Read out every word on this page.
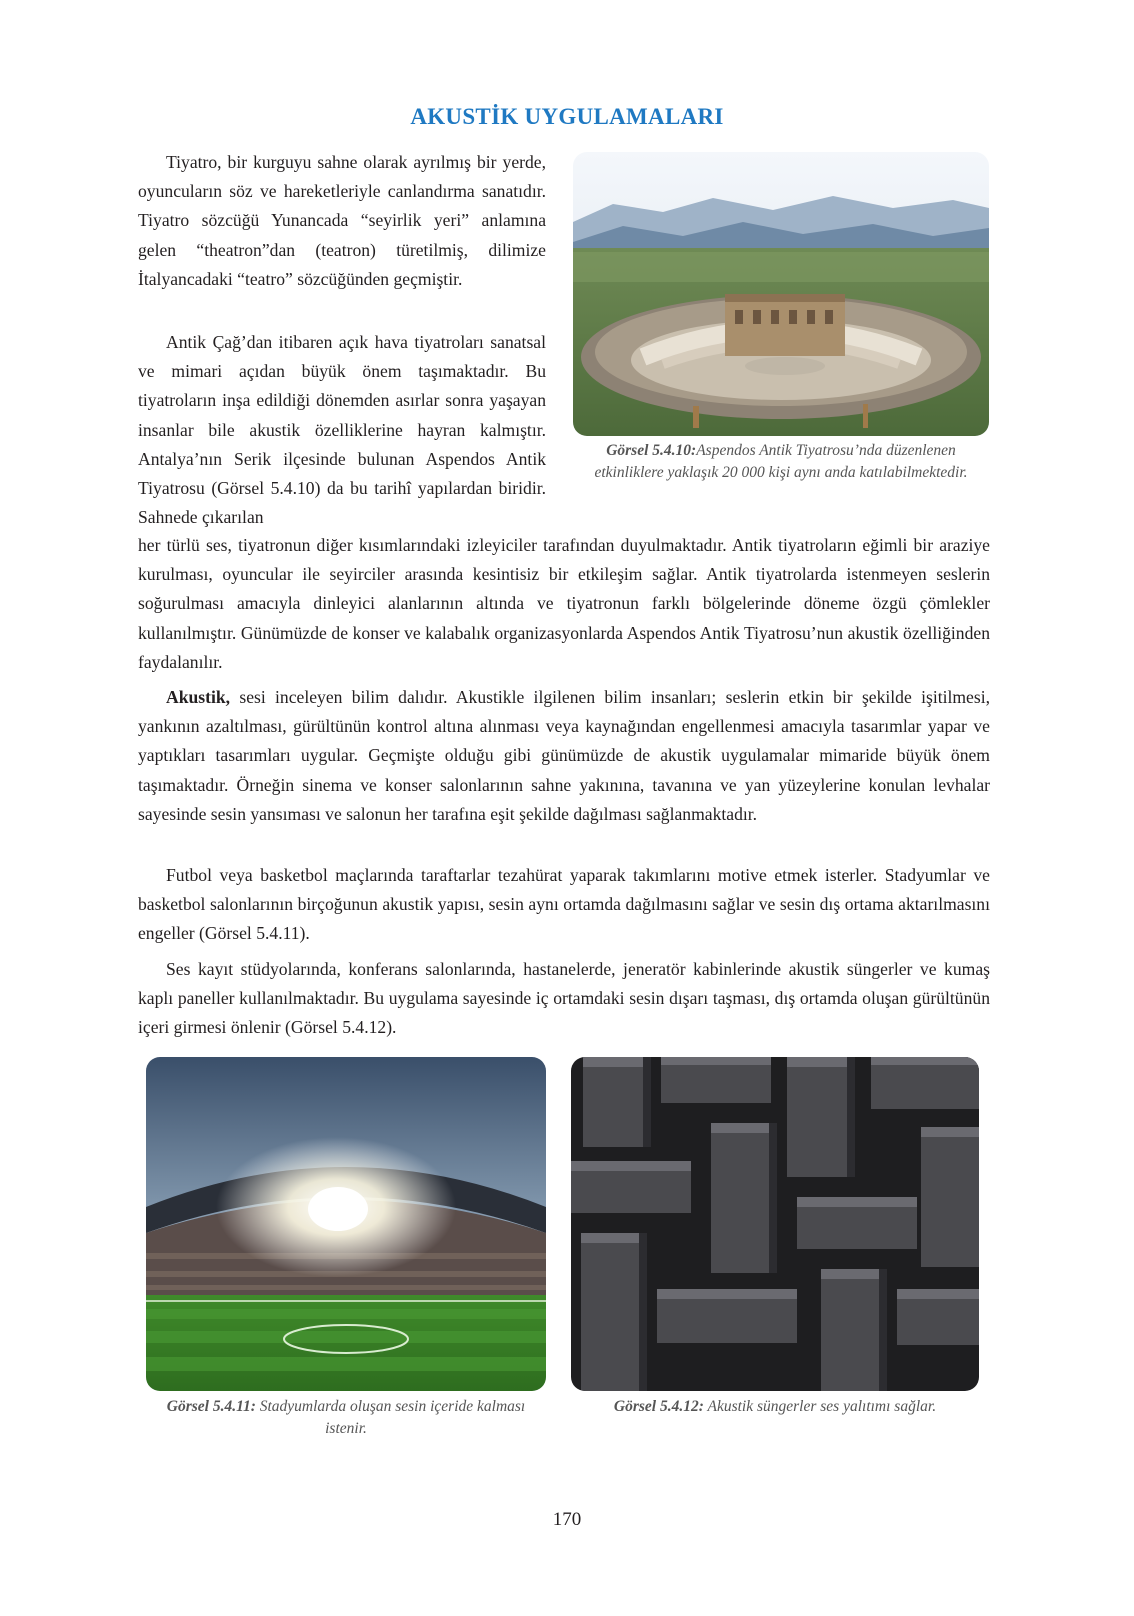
AKUSTİK UYGULAMALARI

Tiyatro, bir kurguyu sahne olarak ayrılmış bir yerde, oyuncuların söz ve hareketleriyle canlandırma sanatıdır. Tiyatro sözcüğü Yunancada “seyirlik yeri” anlamına gelen “theatron”dan (teatron) türetilmiş, dilimize İtalyancadaki “teatro” sözcüğünden geçmiştir.

Antik Çağ’dan itibaren açık hava tiyatroları sanatsal ve mimari açıdan büyük önem taşımaktadır. Bu tiyatroların inşa edildiği dönemden asırlar sonra yaşayan insanlar bile akustik özelliklerine hayran kalmıştır. Antalya’nın Serik ilçesinde bulunan Aspendos Antik Tiyatrosu (Görsel 5.4.10) da bu tarihî yapılardan biridir. Sahnede çıkarılan

her türlü ses, tiyatronun diğer kısımlarındaki izleyiciler tarafından duyulmaktadır. Antik tiyatroların eğimli bir araziye kurulması, oyuncular ile seyirciler arasında kesintisiz bir etkileşim sağlar. Antik tiyatrolarda istenmeyen seslerin soğurulması amacıyla dinleyici alanlarının altında ve tiyatronun farklı bölgelerinde döneme özgü çömlekler kullanılmıştır. Günümüzde de konser ve kalabalık organizasyonlarda Aspendos Antik Tiyatrosu’nun akustik özelliğinden faydalanılır.

Akustik, sesi inceleyen bilim dalıdır. Akustikle ilgilenen bilim insanları; seslerin etkin bir şekilde işitilmesi, yankının azaltılması, gürültünün kontrol altına alınması veya kaynağından engellenmesi amacıyla tasarımlar yapar ve yaptıkları tasarımları uygular. Geçmişte olduğu gibi günümüzde de akustik uygulamalar mimaride büyük önem taşımaktadır. Örneğin sinema ve konser salonlarının sahne yakınına, tavanına ve yan yüzeylerine konulan levhalar sayesinde sesin yansıması ve salonun her tarafına eşit şekilde dağılması sağlanmaktadır.

Futbol veya basketbol maçlarında taraftarlar tezahürat yaparak takımlarını motive etmek isterler. Stadyumlar ve basketbol salonlarının birçoğunun akustik yapısı, sesin aynı ortamda dağılmasını sağlar ve sesin dış ortama aktarılmasını engeller (Görsel 5.4.11).

Ses kayıt stüdyolarında, konferans salonlarında, hastanelerde, jeneratör kabinlerinde akustik süngerler ve kumaş kaplı paneller kullanılmaktadır. Bu uygulama sayesinde iç ortamdaki sesin dışarı taşması, dış ortamda oluşan gürültünün içeri girmesi önlenir (Görsel 5.4.12).

Görsel 5.4.10:Aspendos Antik Tiyatrosu’nda düzenlenen etkinliklere yaklaşık 20 000 kişi aynı anda katılabilmektedir.

Görsel 5.4.11: Stadyumlarda oluşan sesin içeride kalması istenir.

Görsel 5.4.12: Akustik süngerler ses yalıtımı sağlar.

170
